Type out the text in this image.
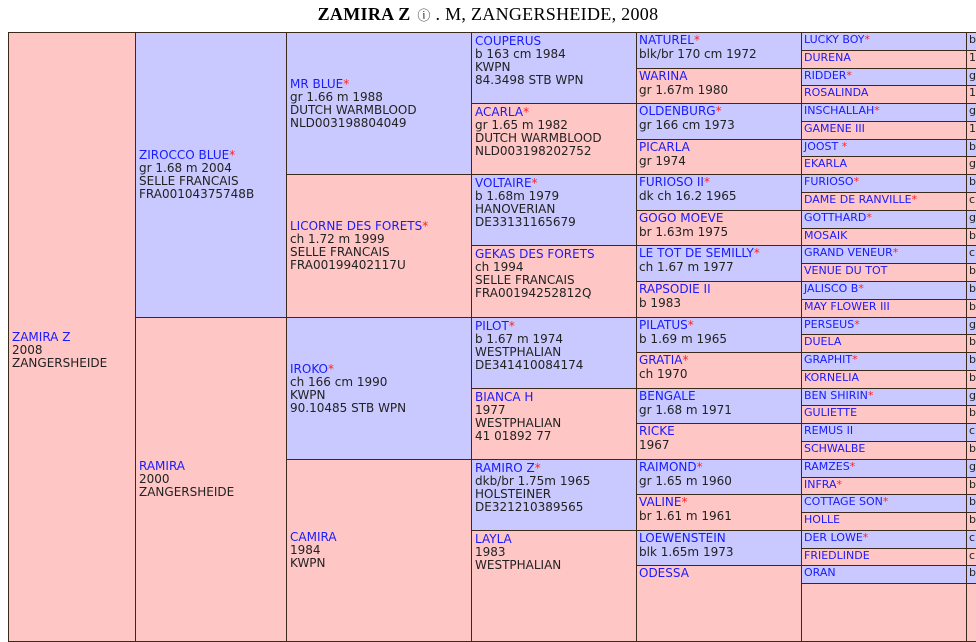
ZAMIRA Z ⓘ . M, ZANGERSHEIDE, 2008
ZAMIRA Z
2008
ZANGERSHEIDE
ZIROCCO BLUE*
gr 1.68 m 2004
SELLE FRANCAIS
FRA00104375748B
RAMIRA
2000
ZANGERSHEIDE
MR BLUE*
gr 1.66 m 1988
DUTCH WARMBLOOD
NLD003198804049
LICORNE DES FORETS*
ch 1.72 m 1999
SELLE FRANCAIS
FRA00199402117U
IROKO*
ch 166 cm 1990
KWPN
90.10485 STB WPN
CAMIRA
1984
KWPN
COUPERUS
b 163 cm 1984
KWPN
84.3498 STB WPN
ACARLA*
gr 1.65 m 1982
DUTCH WARMBLOOD
NLD003198202752
VOLTAIRE*
b 1.68m 1979
HANOVERIAN
DE33131165679
GEKAS DES FORETS
ch 1994
SELLE FRANCAIS
FRA00194252812Q
PILOT*
b 1.67 m 1974
WESTPHALIAN
DE341410084174
BIANCA H
1977
WESTPHALIAN
41 01892 77
RAMIRO Z*
dkb/br 1.75m 1965
HOLSTEINER
DE321210389565
LAYLA
1983
WESTPHALIAN
NATUREL*
blk/br 170 cm 1972
WARINA
gr 1.67m 1980
OLDENBURG*
gr 166 cm 1973
PICARLA
gr 1974
FURIOSO II*
dk ch 16.2 1965
GOGO MOEVE
br 1.63m 1975
LE TOT DE SEMILLY*
ch 1.67 m 1977
RAPSODIE II
b 1983
PILATUS*
b 1.69 m 1965
GRATIA*
ch 1970
BENGALE
gr 1.68 m 1971
RICKE
1967
RAIMOND*
gr 1.65 m 1960
VALINE*
br 1.61 m 1961
LOEWENSTEIN
blk 1.65m 1973
ODESSA
LUCKY BOY*
DURENA
RIDDER*
ROSALINDA
INSCHALLAH*
GAMENE III
JOOST *
EKARLA
FURIOSO*
DAME DE RANVILLE*
GOTTHARD*
MOSAIK
GRAND VENEUR*
VENUE DU TOT
JALISCO B*
MAY FLOWER III
PERSEUS*
DUELA
GRAPHIT*
KORNELIA
BEN SHIRIN*
GULIETTE
REMUS II
SCHWALBE
RAMZES*
INFRA*
COTTAGE SON*
HOLLE
DER LOWE*
FRIEDLINDE
ORAN
b
1
g
1
g
1
b
g
b
c
g
b
c
b
b
b
g
b
b
b
g
b
c
b
g
b
b
b
c
c
b
